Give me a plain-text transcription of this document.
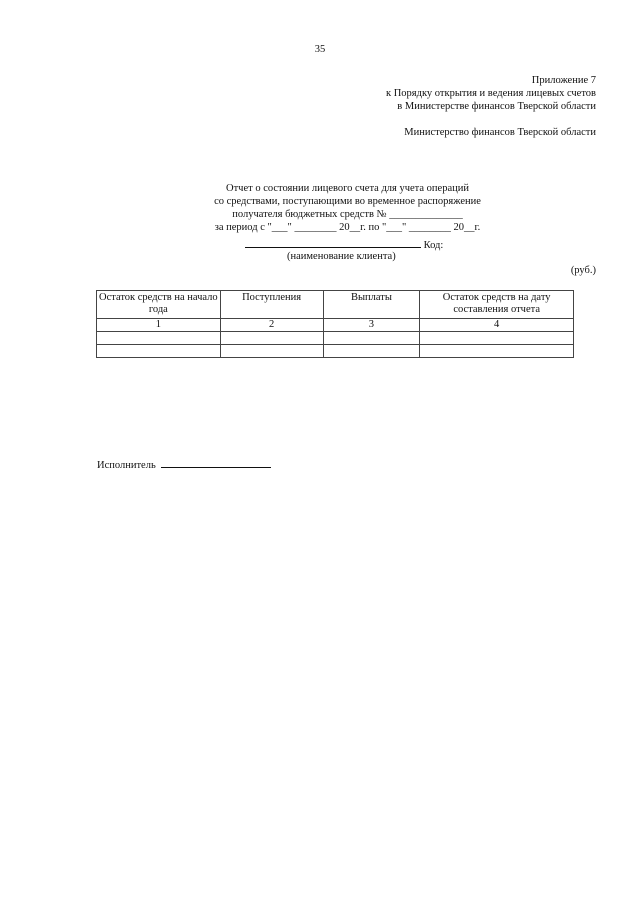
35
Приложение 7
к Порядку открытия и ведения лицевых счетов
в Министерстве финансов Тверской области
Министерство финансов Тверской области
Отчет о состоянии лицевого счета для учета операций
со средствами, поступающими во временное распоряжение
получателя бюджетных средств № ______________
за период с "___" ________ 20__г. по "___" ________ 20__г.
Код:
(наименование клиента)
(руб.)
Остаток средств на начало года	Поступления	Выплаты	Остаток средств на дату составления отчета
1	2	3	4

Исполнитель
